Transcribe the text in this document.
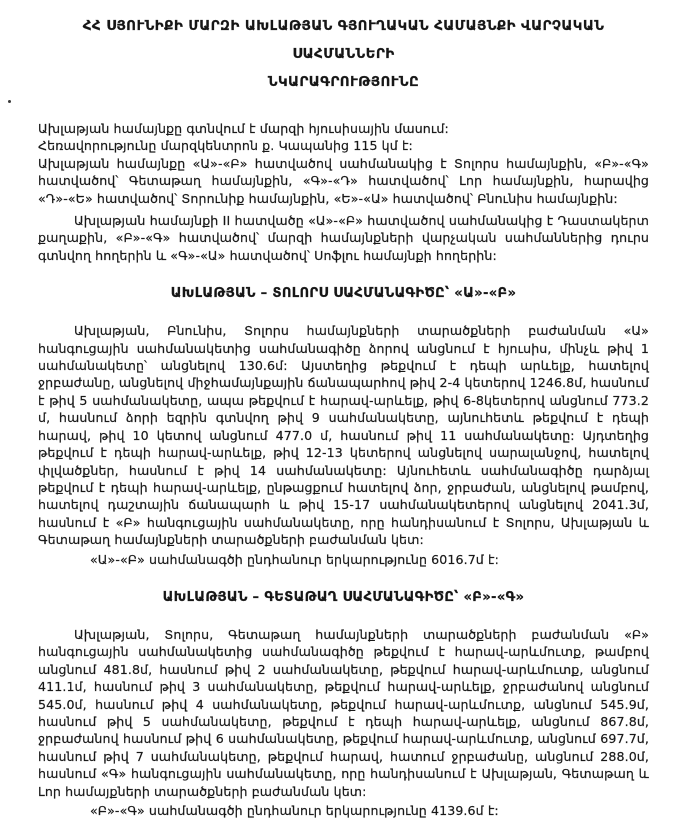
ՀՀ ՍՅՈՒՆԻՔԻ ՄԱՐԶԻ ԱԽԼԱԹՅԱՆ ԳՅՈՒՂԱԿԱՆ ՀԱՄԱՅՆՔԻ ՎԱՐՉԱԿԱՆ ՍԱՀՄԱՆՆԵՐԻ
ՆԿԱՐԱԳՐՈՒԹՅՈՒՆԸ

Ախլաթյան համայնքը գտնվում է մարզի հյուսիսային մասում:

Հեռավորությունը մարզկենտրոն ք. Կապանից 115 կմ է:

Ախլաթյան համայնքը «Ա»-«Բ» հատվածով սահմանակից է Տոլորս համայնքին, «Բ»-«Գ» հատվածով՝ Գետաթաղ համայնքին, «Գ»-«Դ» հատվածով՝ Լոր համայնքին, հարավից «Դ»-«Ե» հատվածով՝ Տորունիք համայնքին, «Ե»-«Ա» հատվածով՝ Բնունիս համայնքին:

Ախլաթյան համայնքի II հատվածը «Ա»-«Բ» հատվածով սահմանակից է Դաստակերտ քաղաքին, «Բ»-«Գ» հատվածով՝ մարզի համայնքների վարչական սահմաններից դուրս գտնվող հողերին և «Գ»-«Ա» հատվածով՝ Սոֆլու համայնքի հողերին:

ԱԽԼԱԹՅԱՆ – ՏՈԼՈՐՍ ՍԱՀՄԱՆԱԳԻԾԸ՝ «Ա»-«Բ»

Ախլաթյան, Բնունիս, Տոլորս համայնքների տարածքների բաժանման «Ա» հանգուցային սահմանակետից սահմանագիծը ձորով անցնում է հյուսիս, մինչև թիվ 1 սահմանակետը՝ անցնելով 130.6մ: Այստեղից թեքվում է դեպի արևելք, հատելով ջրբաժանը, անցնելով միջհամայնքային ճանապարհով թիվ 2-4 կետերով 1246.8մ, հասնում է թիվ 5 սահմանակետը, ապա թեքվում է հարավ-արևելք, թիվ 6-8կետերով անցնում 773.2 մ, հասնում ձորի եզրին գտնվող թիվ 9 սահմանակետը, այնուհետև թեքվում է դեպի հարավ, թիվ 10 կետով անցնում 477.0 մ, հասնում թիվ 11 սահմանակետը: Այդտեղից թեքվում է դեպի հարավ-արևելք, թիվ 12-13 կետերով անցնելով սարալանջով, հատելով փլվածքներ, հասնում է թիվ 14 սահմանակետը: Այնուհետև սահմանագիծը դարձյալ թեքվում է դեպի հարավ-արևելք, ընթացքում հատելով ձոր, ջրբաժան, անցնելով թամբով, հատելով դաշտային ճանապարհ և թիվ 15-17 սահմանակետերով անցնելով 2041.3մ, հասնում է «Բ» հանգուցային սահմանակետը, որը հանդիսանում է Տոլորս, Ախլաթյան և Գետաթաղ համայնքների տարածքների բաժանման կետ:

«Ա»-«Բ» սահմանագծի ընդհանուր երկարությունը 6016.7մ է:

ԱԽԼԱԹՅԱՆ – ԳԵՏԱԹԱՂ ՍԱՀՄԱՆԱԳԻԾԸ՝ «Բ»-«Գ»

Ախլաթյան, Տոլորս, Գետաթաղ համայնքների տարածքների բաժանման «Բ» հանգուցային սահմանակետից սահմանագիծը թեքվում է հարավ-արևմուտք, թամբով անցնում 481.8մ, հասնում թիվ 2 սահմանակետը, թեքվում հարավ-արևմուտք, անցնում 411.1մ, հասնում թիվ 3 սահմանակետը, թեքվում հարավ-արևելք, ջրբաժանով անցնում 545.0մ, հասնում թիվ 4 սահմանակետը, թեքվում հարավ-արևմուտք, անցնում 545.9մ, հասնում թիվ 5 սահմանակետը, թեքվում է դեպի հարավ-արևելք, անցնում 867.8մ, ջրբաժանով հասնում թիվ 6 սահմանակետը, թեքվում հարավ-արևմուտք, անցնում 697.7մ, հասնում թիվ 7 սահմանակետը, թեքվում հարավ, հատում ջրբաժանը, անցնում 288.0մ, հասնում «Գ» հանգուցային սահմանակետը, որը հանդիսանում է Ախլաթյան, Գետաթաղ և Լոր համայքների տարածքների բաժանման կետ:

«Բ»-«Գ» սահմանագծի ընդհանուր երկարությունը 4139.6մ է:
